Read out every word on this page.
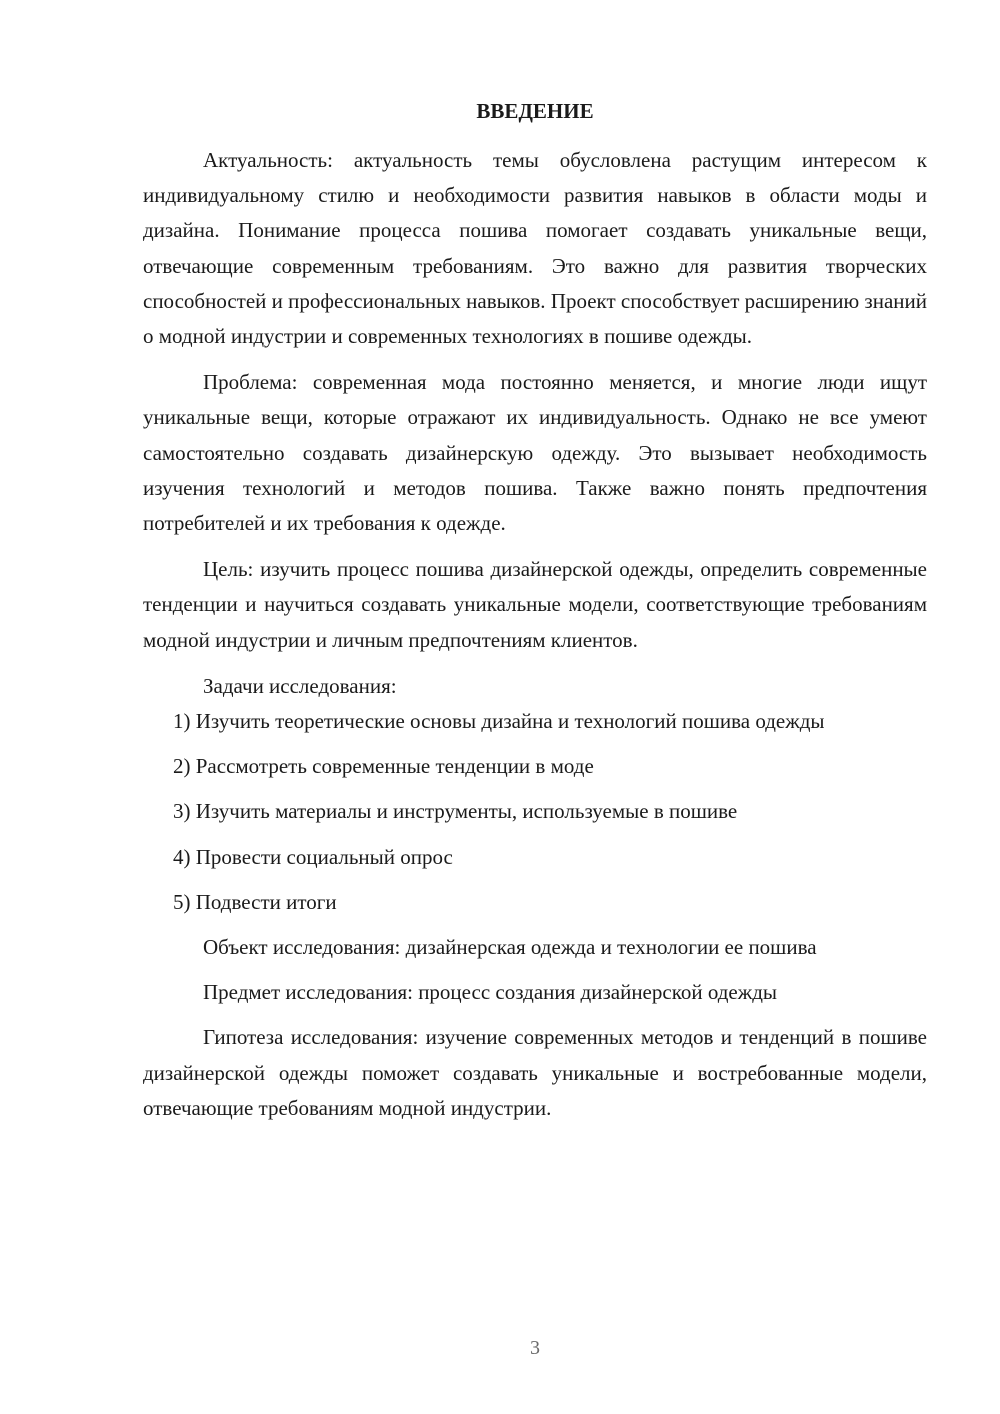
ВВЕДЕНИЕ

Актуальность: актуальность темы обусловлена растущим интересом к индивидуальному стилю и необходимости развития навыков в области моды и дизайна. Понимание процесса пошива помогает создавать уникальные вещи, отвечающие современным требованиям. Это важно для развития творческих способностей и профессиональных навыков. Проект способствует расширению знаний о модной индустрии и современных технологиях в пошиве одежды.

Проблема: современная мода постоянно меняется, и многие люди ищут уникальные вещи, которые отражают их индивидуальность. Однако не все умеют самостоятельно создавать дизайнерскую одежду. Это вызывает необходимость изучения технологий и методов пошива. Также важно понять предпочтения потребителей и их требования к одежде.

Цель: изучить процесс пошива дизайнерской одежды, определить современные тенденции и научиться создавать уникальные модели, соответствующие требованиям модной индустрии и личным предпочтениям клиентов.

Задачи исследования:

1) Изучить теоретические основы дизайна и технологий пошива одежды

2) Рассмотреть современные тенденции в моде

3) Изучить материалы и инструменты, используемые в пошиве

4) Провести социальный опрос

5) Подвести итоги

Объект исследования: дизайнерская одежда и технологии ее пошива

Предмет исследования: процесс создания дизайнерской одежды

Гипотеза исследования: изучение современных методов и тенденций в пошиве дизайнерской одежды поможет создавать уникальные и востребованные модели, отвечающие требованиям модной индустрии.

3
